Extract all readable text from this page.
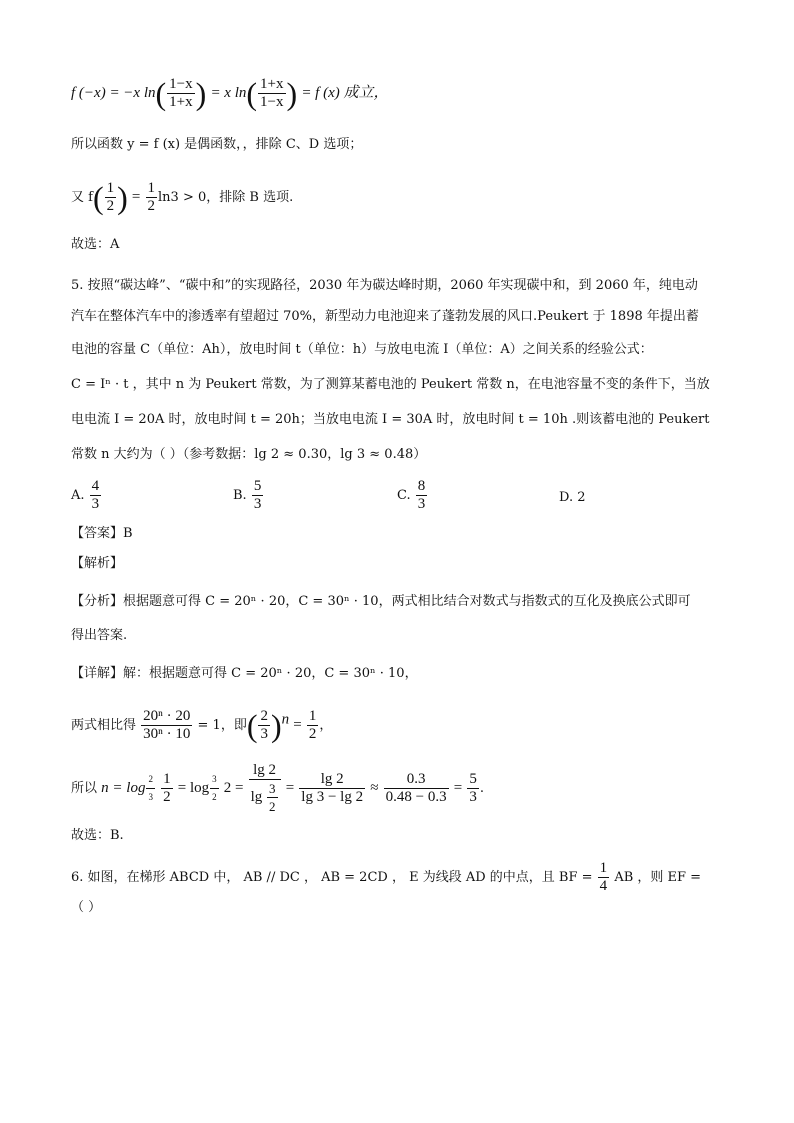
f (−x) = −x $\ln( \frac{1-x}{1+x}$ ) = x $\ln( \frac{1+x}{1-x}$ ) = f (x) 成立，
所以函数 y = f (x) 是偶函数，，排除 C、D 选项；
又 $f( \frac{1}{2}$ ) = $\frac{1}{2} \ln 3 > 0$，排除 B 选项.
故选：A
5. 按照“碳达峰”、“碳中和”的实现路径，2030 年为碳达峰时期，2060 年实现碳中和，到 2060 年，纯电动
汽车在整体汽车中的渗透率有望超过 70%，新型动力电池迎来了蓬勃发展的风口.Peukert 于 1898 年提出蓄
电池的容量 C（单位：Ah），放电时间 t（单位：h）与放电电流 I（单位：A）之间关系的经验公式：
C = Iⁿ · t ，其中 n 为 Peukert 常数，为了测算某蓄电池的 Peukert 常数 n，在电池容量不变的条件下，当放
电电流 I = 20A 时，放电时间 t = 20h；当放电电流 I = 30A 时，放电时间 t = 10h .则该蓄电池的 Peukert
常数 n 大约为（ ）（参考数据：lg 2 ≈ 0.30，lg 3 ≈ 0.48）
A. $\frac{4}{3}$	B. $\frac{5}{3}$	C. $\frac{8}{3}$	D. 2
【答案】B
【解析】
【分析】根据题意可得 C = 20ⁿ · 20，C = 30ⁿ · 10，两式相比结合对数式与指数式的互化及换底公式即可
得出答案.
【详解】解：根据题意可得 C = 20ⁿ · 20，C = 30ⁿ · 10，
两式相比得 $\frac{\text{20ⁿ · 20}}{\text{30ⁿ · 10}} = 1$，即( $\frac{2}{3} )^n = \frac{1}{2}$ ，
所以 $n = \log \frac{2}{3}$
$\frac{1}{2} = \log \frac{3}{2} 2 = \frac{\lg 2}{\lg \frac{3}{2}} = \frac{\lg 2}{\lg 3 - \lg 2} \approx \frac{0.3}{0.48 - 0.3} = \frac{5}{3}$ .
故选：B.
6. 如图，在梯形 ABCD 中， AB // DC ， AB = 2CD ， E 为线段 AD 的中点，且 BF = $\frac{1}{4}$ AB ，则 EF =
（ ）
